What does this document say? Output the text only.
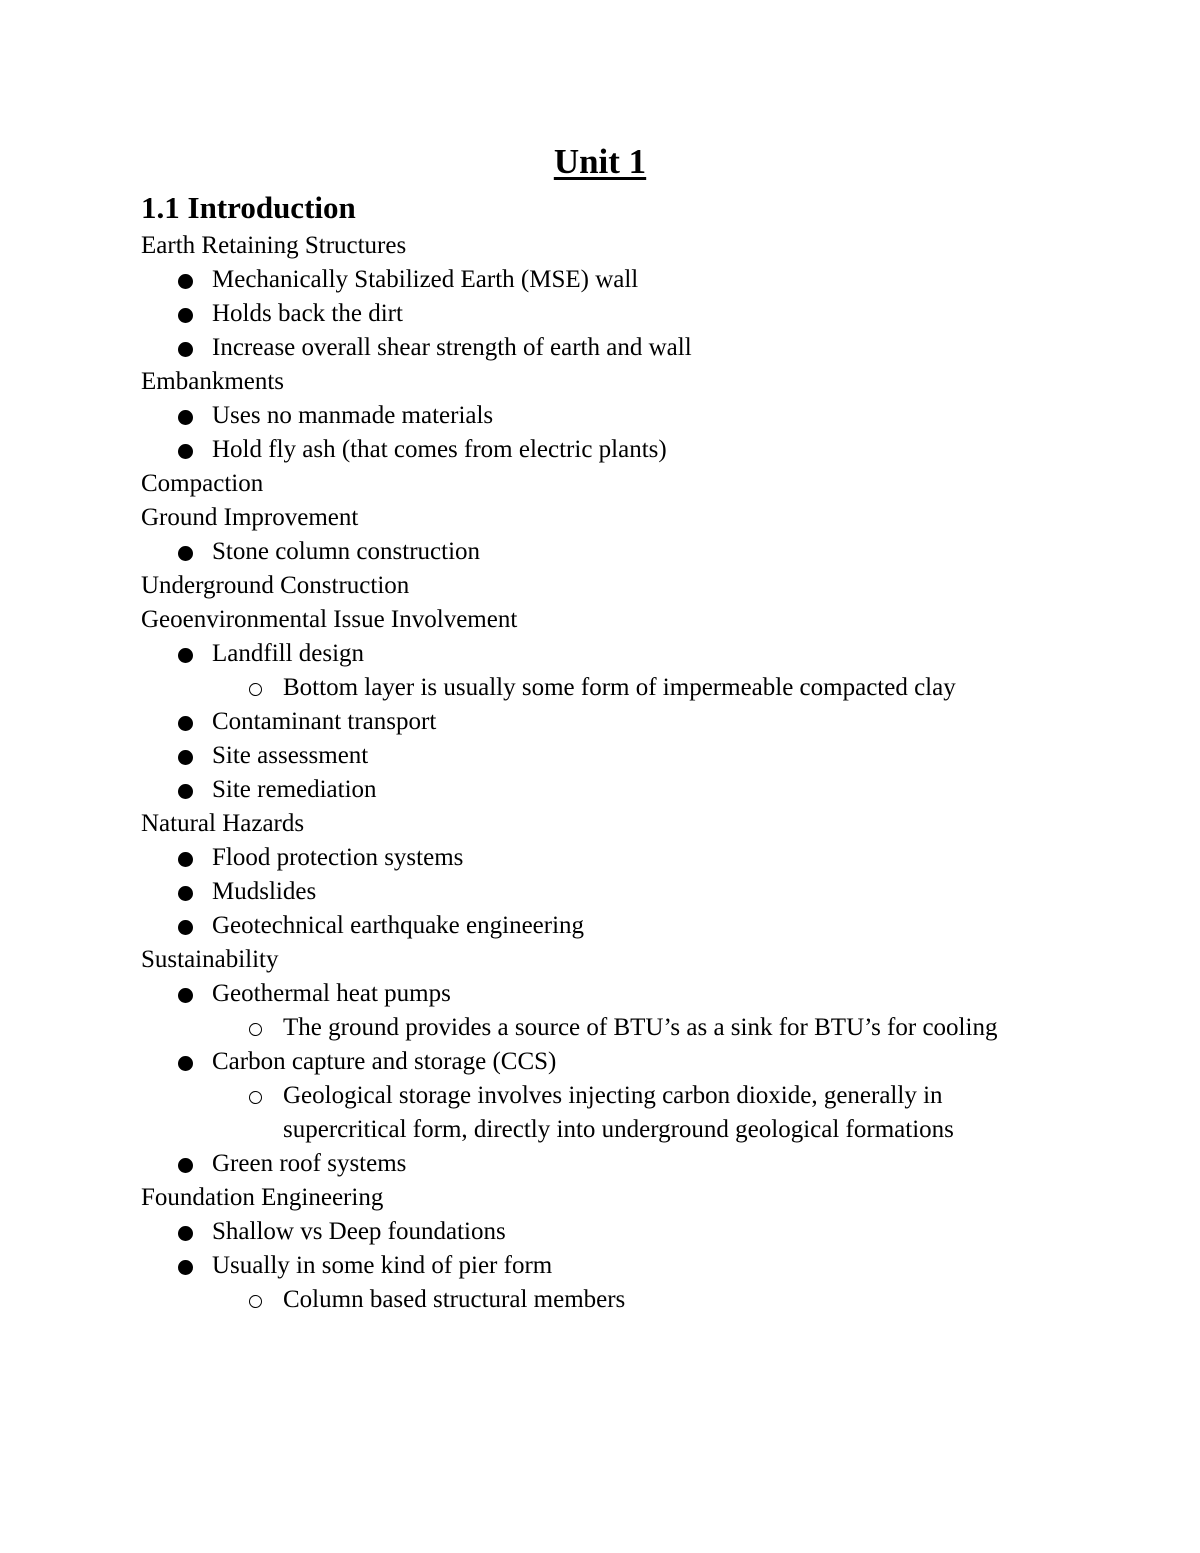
Unit 1
1.1 Introduction
Earth Retaining Structures
Mechanically Stabilized Earth (MSE) wall
Holds back the dirt
Increase overall shear strength of earth and wall
Embankments
Uses no manmade materials
Hold fly ash (that comes from electric plants)
Compaction
Ground Improvement
Stone column construction
Underground Construction
Geoenvironmental Issue Involvement
Landfill design
Bottom layer is usually some form of impermeable compacted clay
Contaminant transport
Site assessment
Site remediation
Natural Hazards
Flood protection systems
Mudslides
Geotechnical earthquake engineering
Sustainability
Geothermal heat pumps
The ground provides a source of BTU’s as a sink for BTU’s for cooling
Carbon capture and storage (CCS)
Geological storage involves injecting carbon dioxide, generally in supercritical form, directly into underground geological formations
Green roof systems
Foundation Engineering
Shallow vs Deep foundations
Usually in some kind of pier form
Column based structural members
